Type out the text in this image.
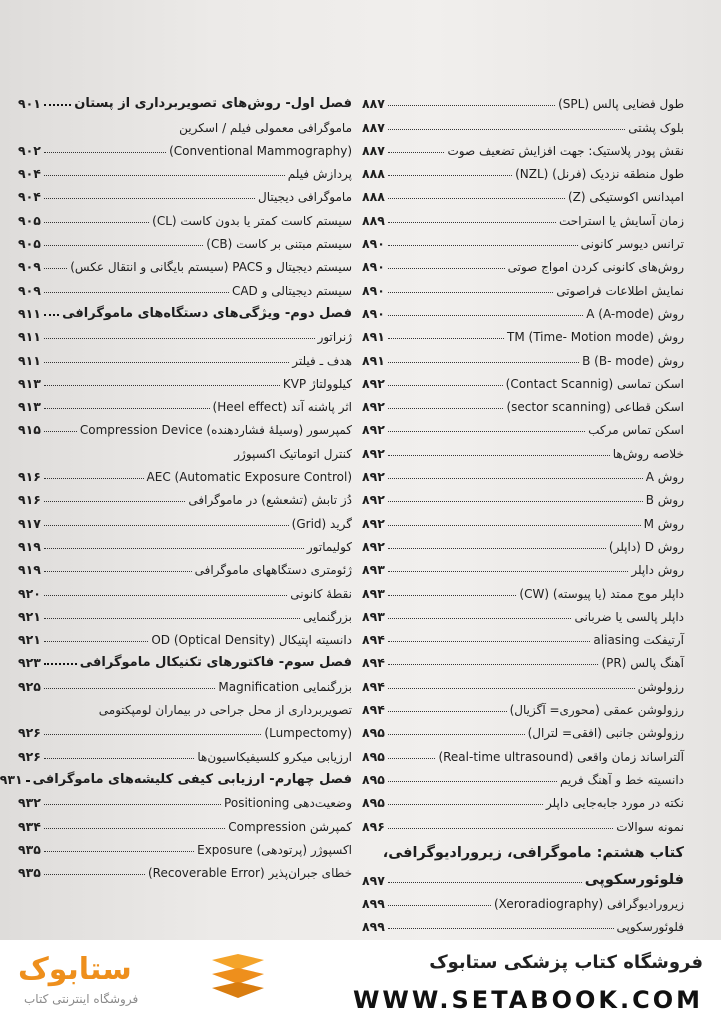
طول فضایی پالس (SPL)
۸۸۷
بلوک پشتی
۸۸۷
نقش پودر پلاستیک: جهت افزایش تضعیف صوت
۸۸۷
طول منطقه نزدیک (فرنل) (NZL)
۸۸۸
امپدانس اکوستیکی (Z)
۸۸۸
زمان آسایش یا استراحت
۸۸۹
ترانس دیوسر کانونی
۸۹۰
روش‌های کانونی کردن امواج صوتی
۸۹۰
نمایش اطلاعات فراصوتی
۸۹۰
روش A (A-mode)
۸۹۰
روش TM (Time- Motion mode)
۸۹۱
روش B (B- mode)
۸۹۱
اسکن تماسی (Contact Scannig)
۸۹۲
اسکن قطاعی (sector scanning)
۸۹۲
اسکن تماس مرکب
۸۹۲
خلاصه روش‌ها
۸۹۲
روش A
۸۹۲
روش B
۸۹۲
روش M
۸۹۲
روش D (داپلر)
۸۹۲
روش داپلر
۸۹۳
داپلر موج ممتد (یا پیوسته) (CW)
۸۹۳
داپلر پالسی یا ضربانی
۸۹۳
آرتیفکت aliasing
۸۹۴
آهنگ پالس (PR)
۸۹۴
رزولوشن
۸۹۴
رزولوشن عمقی (محوری= آگزیال)
۸۹۴
رزولوشن جانبی (افقی= لترال)
۸۹۵
آلتراساند زمان واقعی (Real-time ultrasound)
۸۹۵
دانسیته خط و آهنگ فریم
۸۹۵
نکته در مورد جابه‌جایی داپلر
۸۹۵
نمونه سوالات
۸۹۶
کتاب هشتم: ماموگرافی، زیرورادیوگرافی،
فلوئورسکوپی
۸۹۷
زیرورادیوگرافی (Xeroradiography)
۸۹۹
فلوئورسکوپی
۸۹۹
فصل اول- روش‌های تصویربرداری از پستان
۹۰۱
ماموگرافی معمولی فیلم / اسکرین
(Conventional Mammography)
۹۰۲
پردازش فیلم
۹۰۴
ماموگرافی دیجیتال
۹۰۴
سیستم کاست کمتر یا بدون کاست (CL)
۹۰۵
سیستم مبتنی بر کاست (CB)
۹۰۵
سیستم دیجیتال و PACS (سیستم بایگانی و انتقال عکس)
۹۰۹
سیستم دیجیتالی و CAD
۹۰۹
فصل دوم- ویژگی‌های دستگاه‌های ماموگرافی
۹۱۱
ژنراتور
۹۱۱
هدف ـ فیلتر
۹۱۱
کیلوولتاژ KVP
۹۱۳
اثر پاشنه آند (Heel effect)
۹۱۳
کمپرسور (وسیلهٔ فشاردهنده) Compression Device
۹۱۵
کنترل اتوماتیک اکسپوژر
AEC (Automatic Exposure Control)
۹۱۶
دُز تابش (تشعشع) در ماموگرافی
۹۱۶
گرید (Grid)
۹۱۷
کولیماتور
۹۱۹
ژئومتری دستگاههای ماموگرافی
۹۱۹
نقطهٔ کانونی
۹۲۰
بزرگنمایی
۹۲۱
دانسیته اپتیکال OD (Optical Density)
۹۲۱
فصل سوم- فاکتورهای تکنیکال ماموگرافی
۹۲۳
بزرگنمایی Magnification
۹۲۵
تصویربرداری از محل جراحی در بیماران لومپکتومی
(Lumpectomy)
۹۲۶
ارزیابی میکرو کلسیفیکاسیون‌ها
۹۲۶
فصل چهارم- ارزیابی کیفی کلیشه‌های ماموگرافی
۹۳۱
وضعیت‌دهی Positioning
۹۳۲
کمپرشن Compression
۹۳۴
اکسپوژر (پرتودهی) Exposure
۹۳۵
خطای جبران‌پذیر (Recoverable Error)
۹۳۵
ستابوک
فروشگاه اینترنتی کتاب
فروشگاه کتاب پزشکی ستابوک
WWW.SETABOOK.COM
